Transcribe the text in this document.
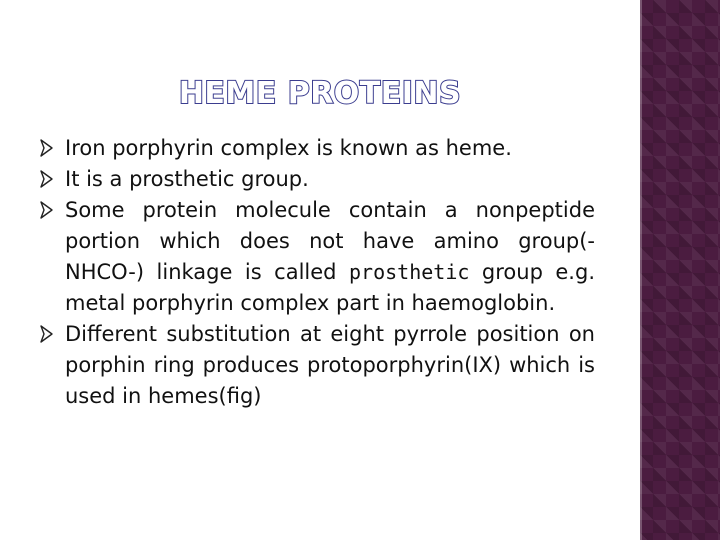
HEME PROTEINS
Iron porphyrin complex is known as heme.
It is a prosthetic group.
Some protein molecule contain a nonpeptide portion which does not have amino group(-NHCO-) linkage is called prosthetic group e.g. metal porphyrin complex part in haemoglobin.
Different substitution at eight pyrrole position on porphin ring produces protoporphyrin(IX) which is used in hemes(fig)
